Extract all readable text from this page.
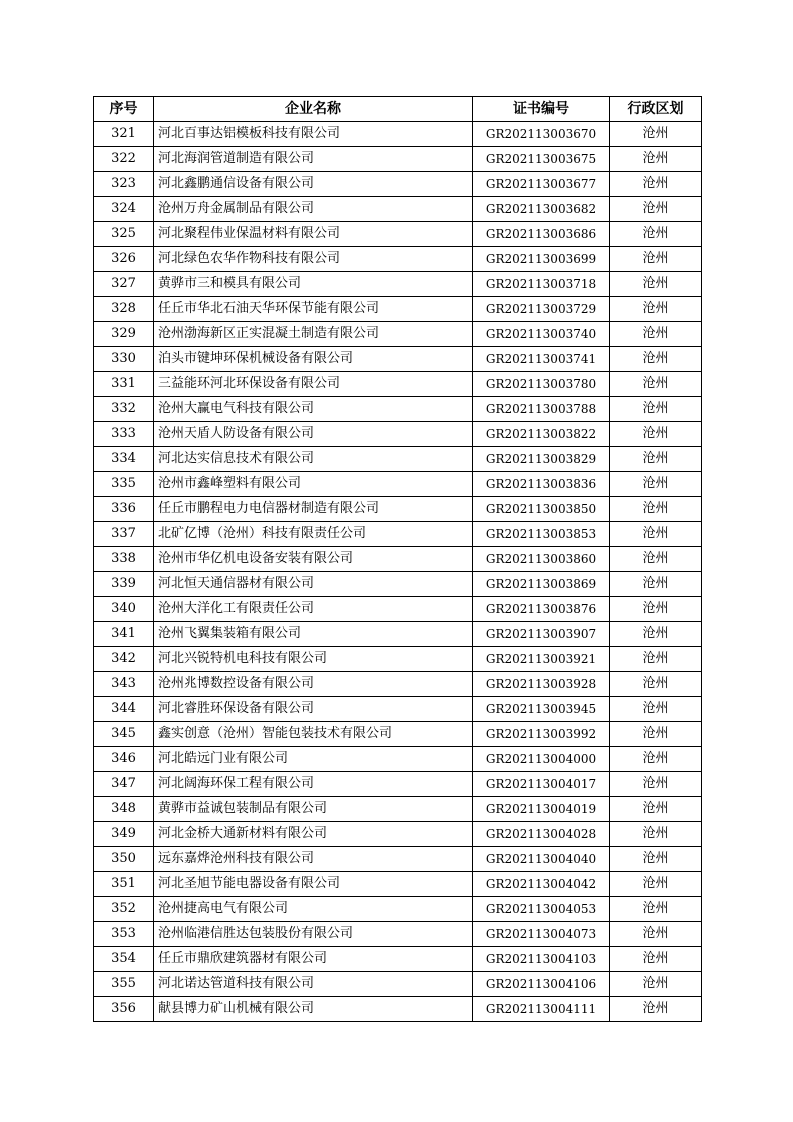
序号	企业名称	证书编号	行政区划
321	河北百事达铝模板科技有限公司	GR202113003670	沧州
322	河北海润管道制造有限公司	GR202113003675	沧州
323	河北鑫鹏通信设备有限公司	GR202113003677	沧州
324	沧州万舟金属制品有限公司	GR202113003682	沧州
325	河北聚程伟业保温材料有限公司	GR202113003686	沧州
326	河北绿色农华作物科技有限公司	GR202113003699	沧州
327	黄骅市三和模具有限公司	GR202113003718	沧州
328	任丘市华北石油天华环保节能有限公司	GR202113003729	沧州
329	沧州渤海新区正实混凝土制造有限公司	GR202113003740	沧州
330	泊头市键坤环保机械设备有限公司	GR202113003741	沧州
331	三益能环河北环保设备有限公司	GR202113003780	沧州
332	沧州大赢电气科技有限公司	GR202113003788	沧州
333	沧州天盾人防设备有限公司	GR202113003822	沧州
334	河北达实信息技术有限公司	GR202113003829	沧州
335	沧州市鑫峰塑料有限公司	GR202113003836	沧州
336	任丘市鹏程电力电信器材制造有限公司	GR202113003850	沧州
337	北矿亿博（沧州）科技有限责任公司	GR202113003853	沧州
338	沧州市华亿机电设备安装有限公司	GR202113003860	沧州
339	河北恒天通信器材有限公司	GR202113003869	沧州
340	沧州大洋化工有限责任公司	GR202113003876	沧州
341	沧州飞翼集装箱有限公司	GR202113003907	沧州
342	河北兴锐特机电科技有限公司	GR202113003921	沧州
343	沧州兆博数控设备有限公司	GR202113003928	沧州
344	河北睿胜环保设备有限公司	GR202113003945	沧州
345	鑫实创意（沧州）智能包装技术有限公司	GR202113003992	沧州
346	河北皓远门业有限公司	GR202113004000	沧州
347	河北阔海环保工程有限公司	GR202113004017	沧州
348	黄骅市益诚包装制品有限公司	GR202113004019	沧州
349	河北金桥大通新材料有限公司	GR202113004028	沧州
350	远东嘉烨沧州科技有限公司	GR202113004040	沧州
351	河北圣旭节能电器设备有限公司	GR202113004042	沧州
352	沧州捷高电气有限公司	GR202113004053	沧州
353	沧州临港信胜达包装股份有限公司	GR202113004073	沧州
354	任丘市鼎欣建筑器材有限公司	GR202113004103	沧州
355	河北诺达管道科技有限公司	GR202113004106	沧州
356	献县博力矿山机械有限公司	GR202113004111	沧州
